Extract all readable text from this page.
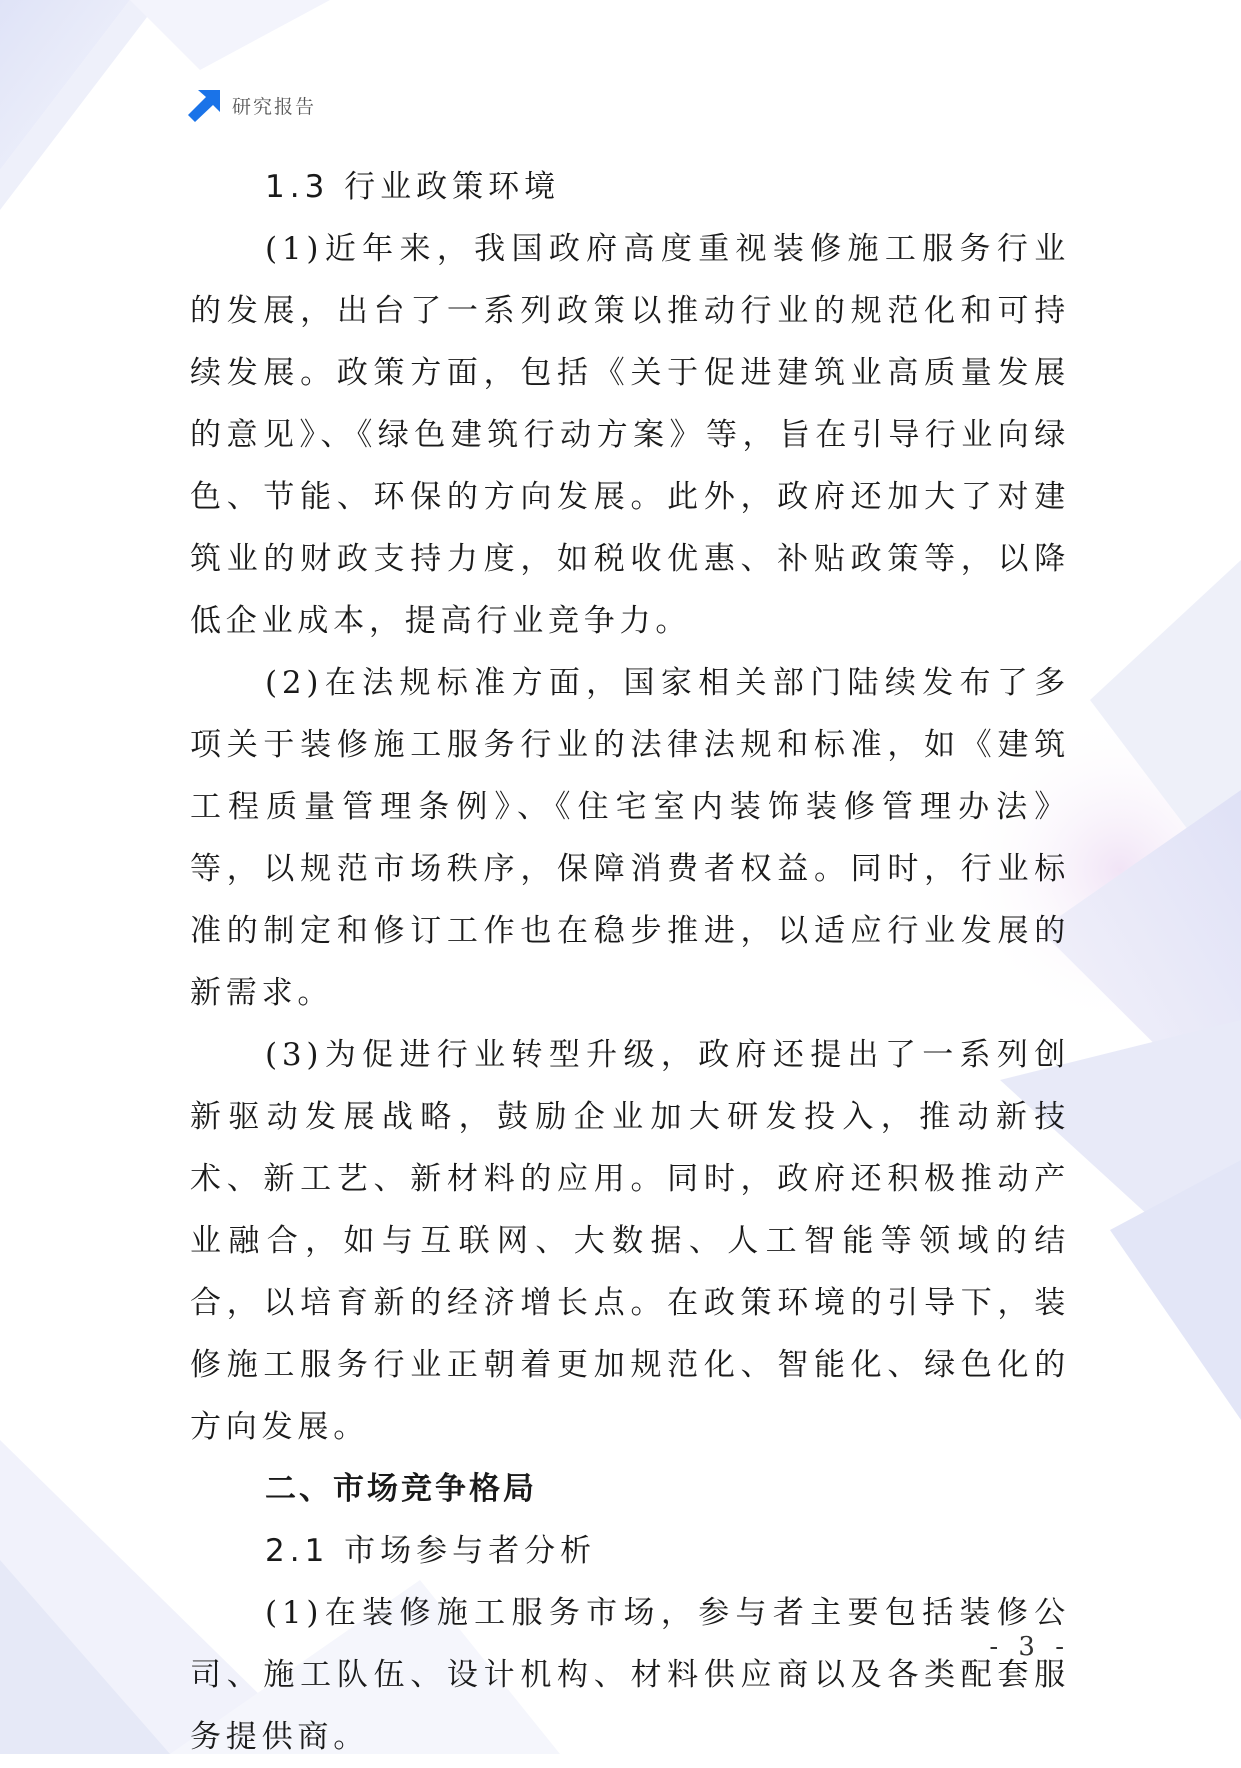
研究报告

1.3 行业政策环境

(1)近年来，我国政府高度重视装修施工服务行业的发展，出台了一系列政策以推动行业的规范化和可持续发展。政策方面，包括《关于促进建筑业高质量发展的意见》、《绿色建筑行动方案》等，旨在引导行业向绿色、节能、环保的方向发展。此外，政府还加大了对建筑业的财政支持力度，如税收优惠、补贴政策等，以降低企业成本，提高行业竞争力。

(2)在法规标准方面，国家相关部门陆续发布了多项关于装修施工服务行业的法律法规和标准，如《建筑工程质量管理条例》、《住宅室内装饰装修管理办法》等，以规范市场秩序，保障消费者权益。同时，行业标准的制定和修订工作也在稳步推进，以适应行业发展的新需求。

(3)为促进行业转型升级，政府还提出了一系列创新驱动发展战略，鼓励企业加大研发投入，推动新技术、新工艺、新材料的应用。同时，政府还积极推动产业融合，如与互联网、大数据、人工智能等领域的结合，以培育新的经济增长点。在政策环境的引导下，装修施工服务行业正朝着更加规范化、智能化、绿色化的方向发展。

二、市场竞争格局

2.1 市场参与者分析

(1)在装修施工服务市场，参与者主要包括装修公司、施工队伍、设计机构、材料供应商以及各类配套服务提供商。

- 3 -
